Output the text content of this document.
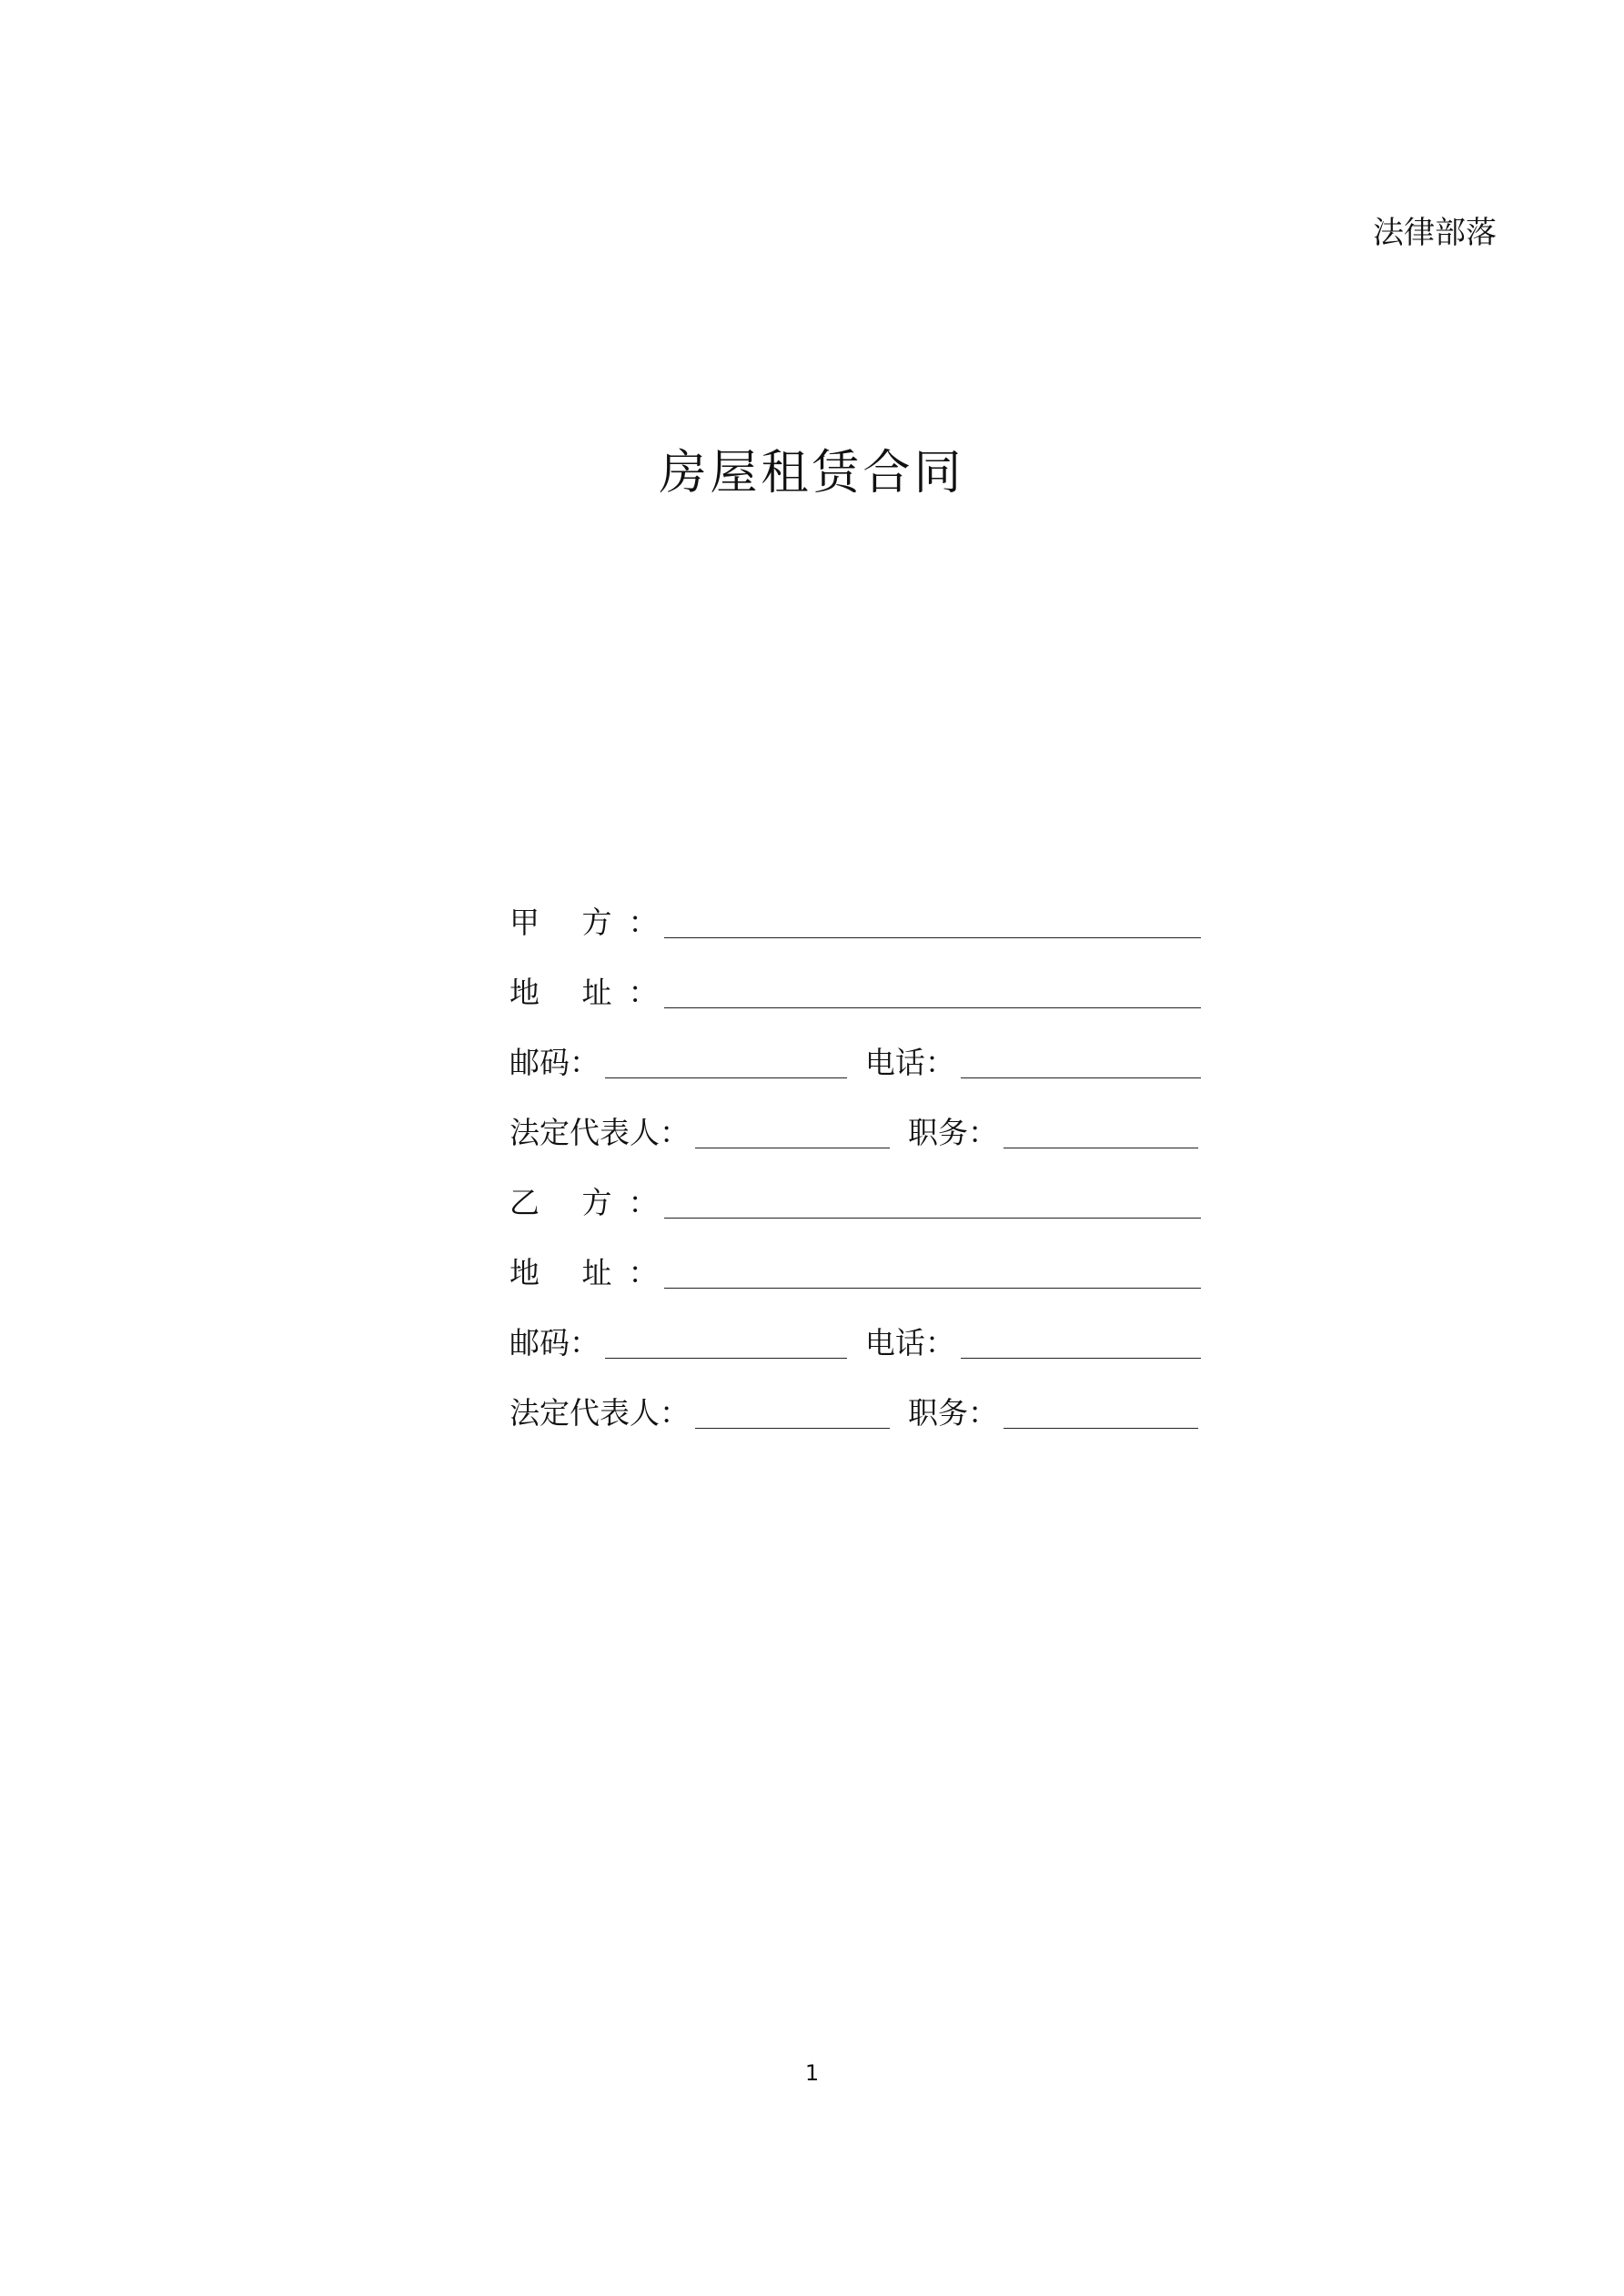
法律部落
房屋租赁合同
甲 方：
地 址：
邮码：	电话：
法定代表人：	职务：
乙 方：
地 址：
邮码：	电话：
法定代表人：	职务：
1
